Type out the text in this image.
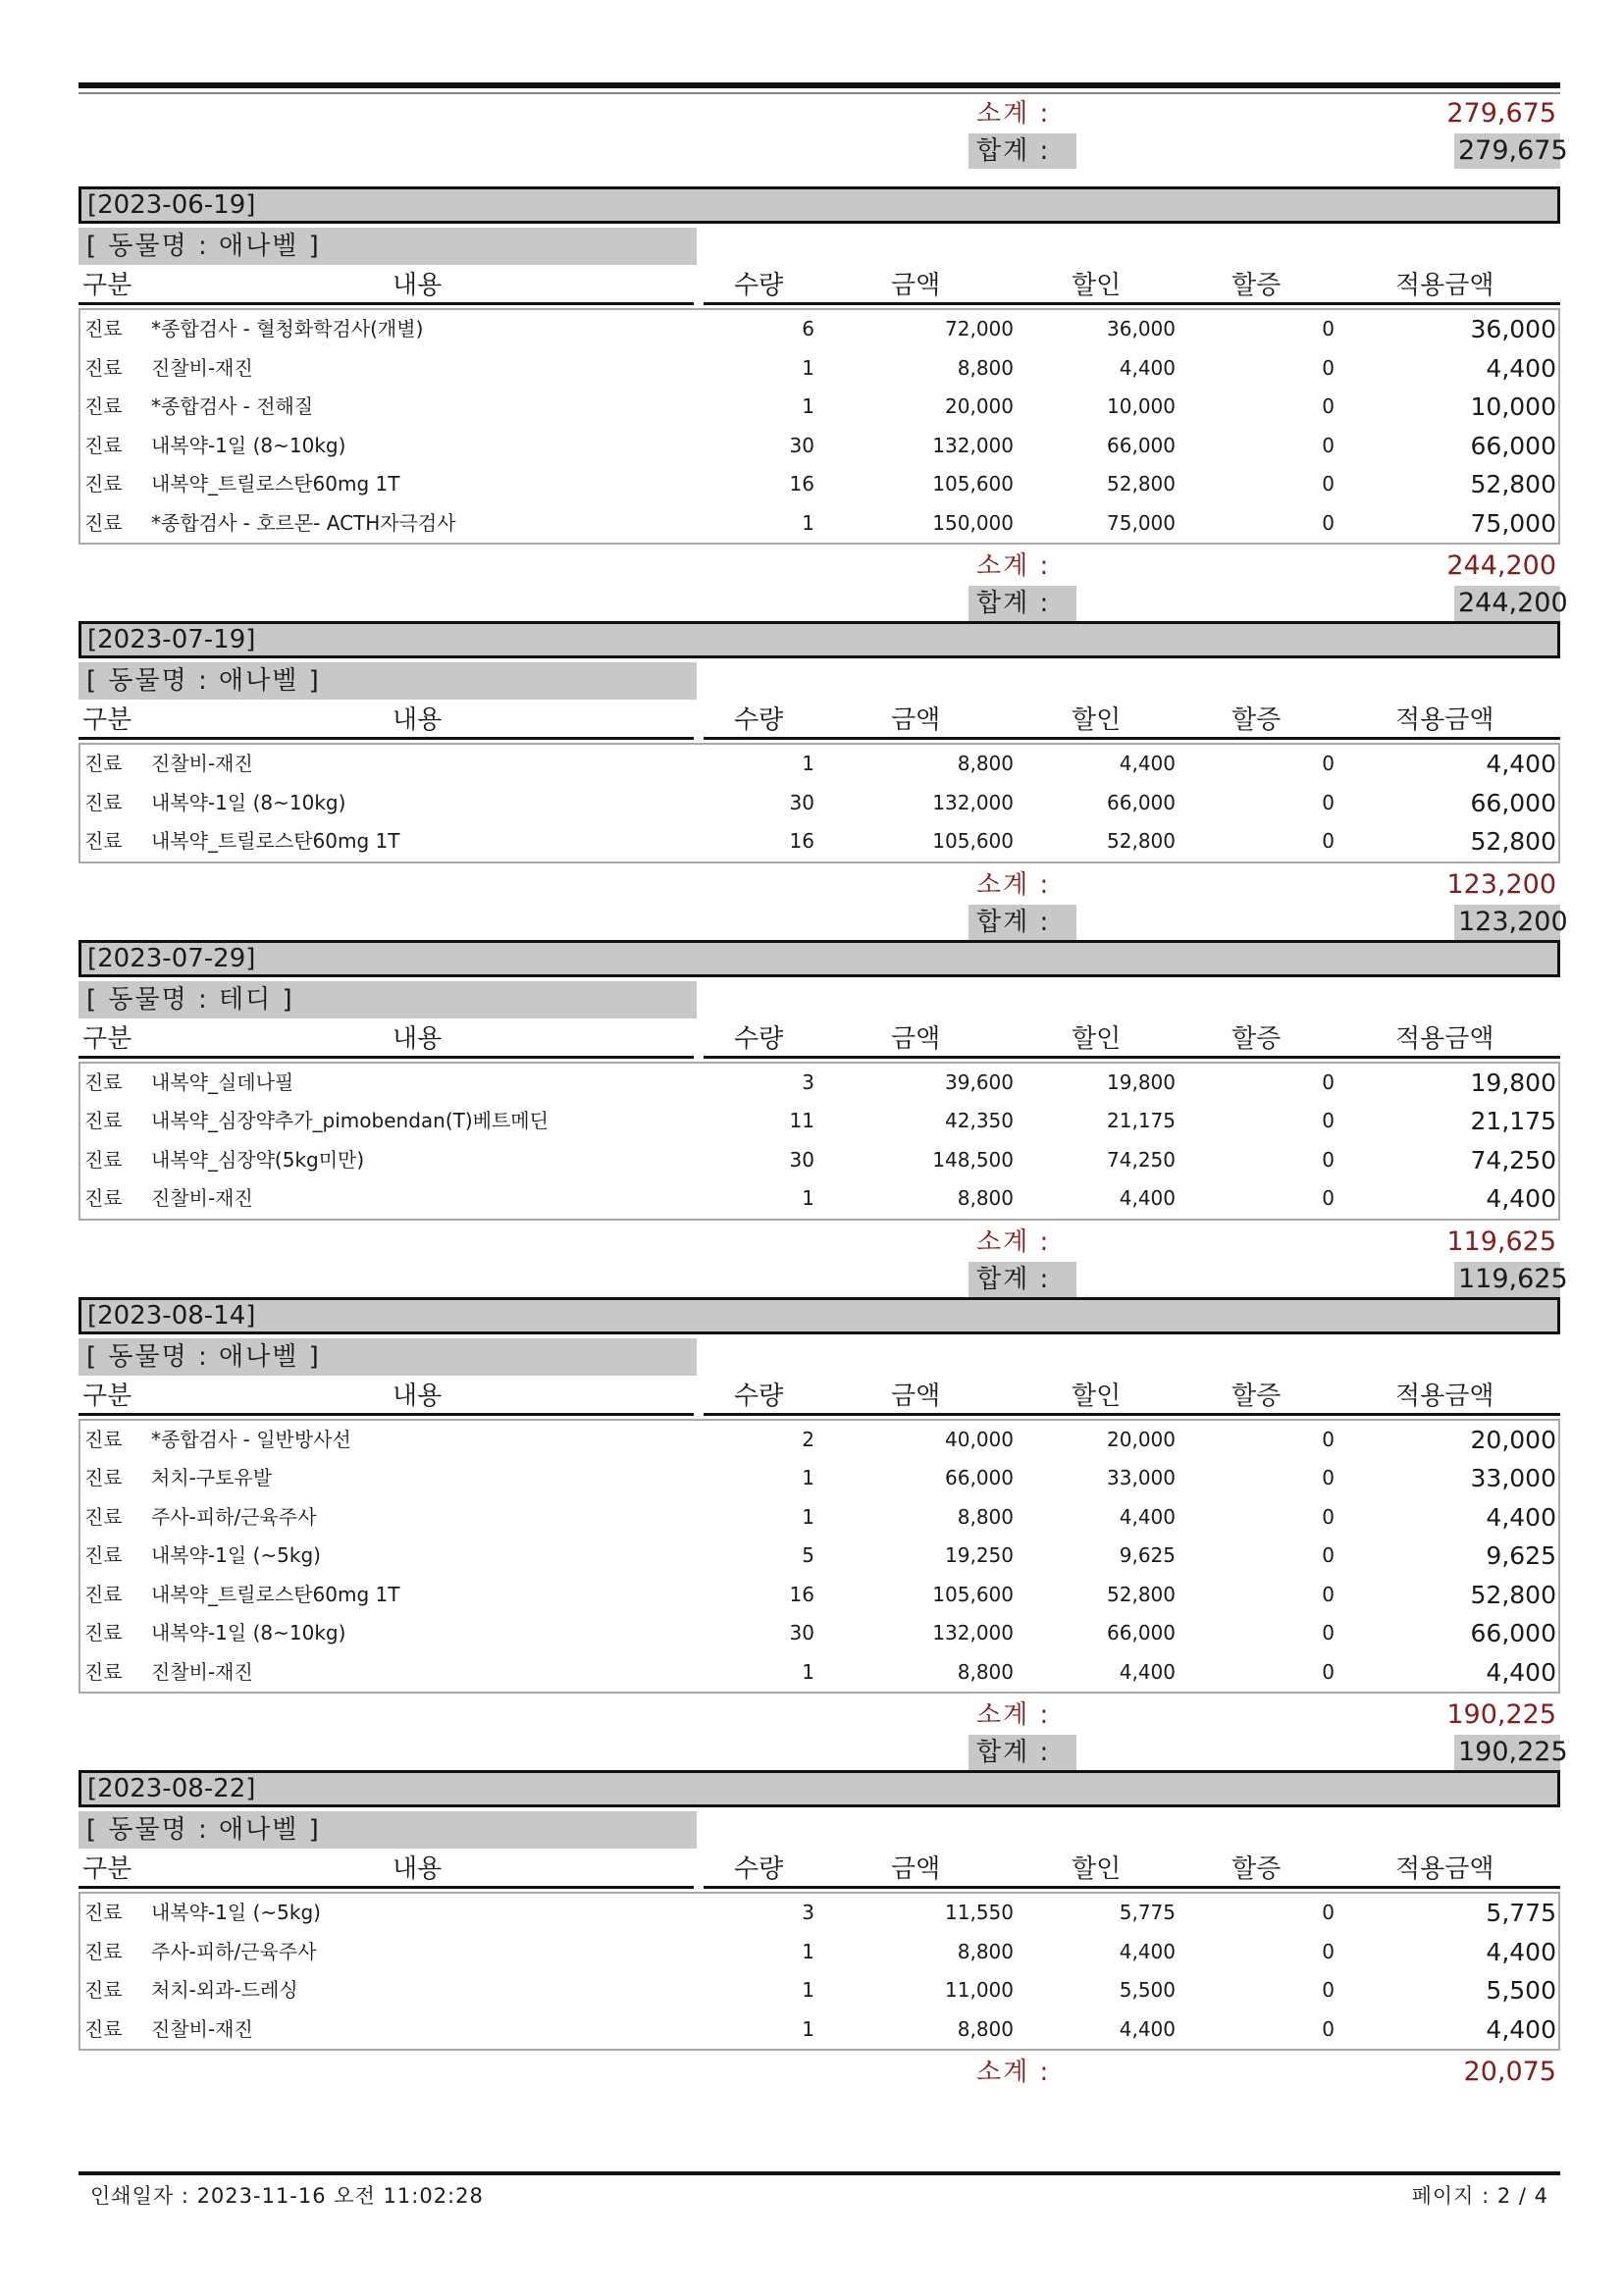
소계 :	279,675
합계 :	279,675
[2023-06-19]
[ 동물명 : 애나벨 ]
구분	내용	수량	금액	할인	할증	적용금액
진료 *종합검사 - 혈청화학검사(개별)	6	72,000	36,000	0	36,000
진료 진찰비-재진	1	8,800	4,400	0	4,400
진료 *종합검사 - 전해질	1	20,000	10,000	0	10,000
진료 내복약-1일 (8~10kg)	30	132,000	66,000	0	66,000
진료 내복약_트릴로스탄60mg 1T	16	105,600	52,800	0	52,800
진료 *종합검사 - 호르몬- ACTH자극검사	1	150,000	75,000	0	75,000
소계 :	244,200
합계 :	244,200
[2023-07-19]
[ 동물명 : 애나벨 ]
구분	내용	수량	금액	할인	할증	적용금액
진료 진찰비-재진	1	8,800	4,400	0	4,400
진료 내복약-1일 (8~10kg)	30	132,000	66,000	0	66,000
진료 내복약_트릴로스탄60mg 1T	16	105,600	52,800	0	52,800
소계 :	123,200
합계 :	123,200
[2023-07-29]
[ 동물명 : 테디 ]
구분	내용	수량	금액	할인	할증	적용금액
진료 내복약_실데나필	3	39,600	19,800	0	19,800
진료 내복약_심장약추가_pimobendan(T)베트메딘	11	42,350	21,175	0	21,175
진료 내복약_심장약(5kg미만)	30	148,500	74,250	0	74,250
진료 진찰비-재진	1	8,800	4,400	0	4,400
소계 :	119,625
합계 :	119,625
[2023-08-14]
[ 동물명 : 애나벨 ]
구분	내용	수량	금액	할인	할증	적용금액
진료 *종합검사 - 일반방사선	2	40,000	20,000	0	20,000
진료 처치-구토유발	1	66,000	33,000	0	33,000
진료 주사-피하/근육주사	1	8,800	4,400	0	4,400
진료 내복약-1일 (~5kg)	5	19,250	9,625	0	9,625
진료 내복약_트릴로스탄60mg 1T	16	105,600	52,800	0	52,800
진료 내복약-1일 (8~10kg)	30	132,000	66,000	0	66,000
진료 진찰비-재진	1	8,800	4,400	0	4,400
소계 :	190,225
합계 :	190,225
[2023-08-22]
[ 동물명 : 애나벨 ]
구분	내용	수량	금액	할인	할증	적용금액
진료 내복약-1일 (~5kg)	3	11,550	5,775	0	5,775
진료 주사-피하/근육주사	1	8,800	4,400	0	4,400
진료 처치-외과-드레싱	1	11,000	5,500	0	5,500
진료 진찰비-재진	1	8,800	4,400	0	4,400
소계 :	20,075
인쇄일자 : 2023-11-16 오전 11:02:28	페이지 : 2 / 4
